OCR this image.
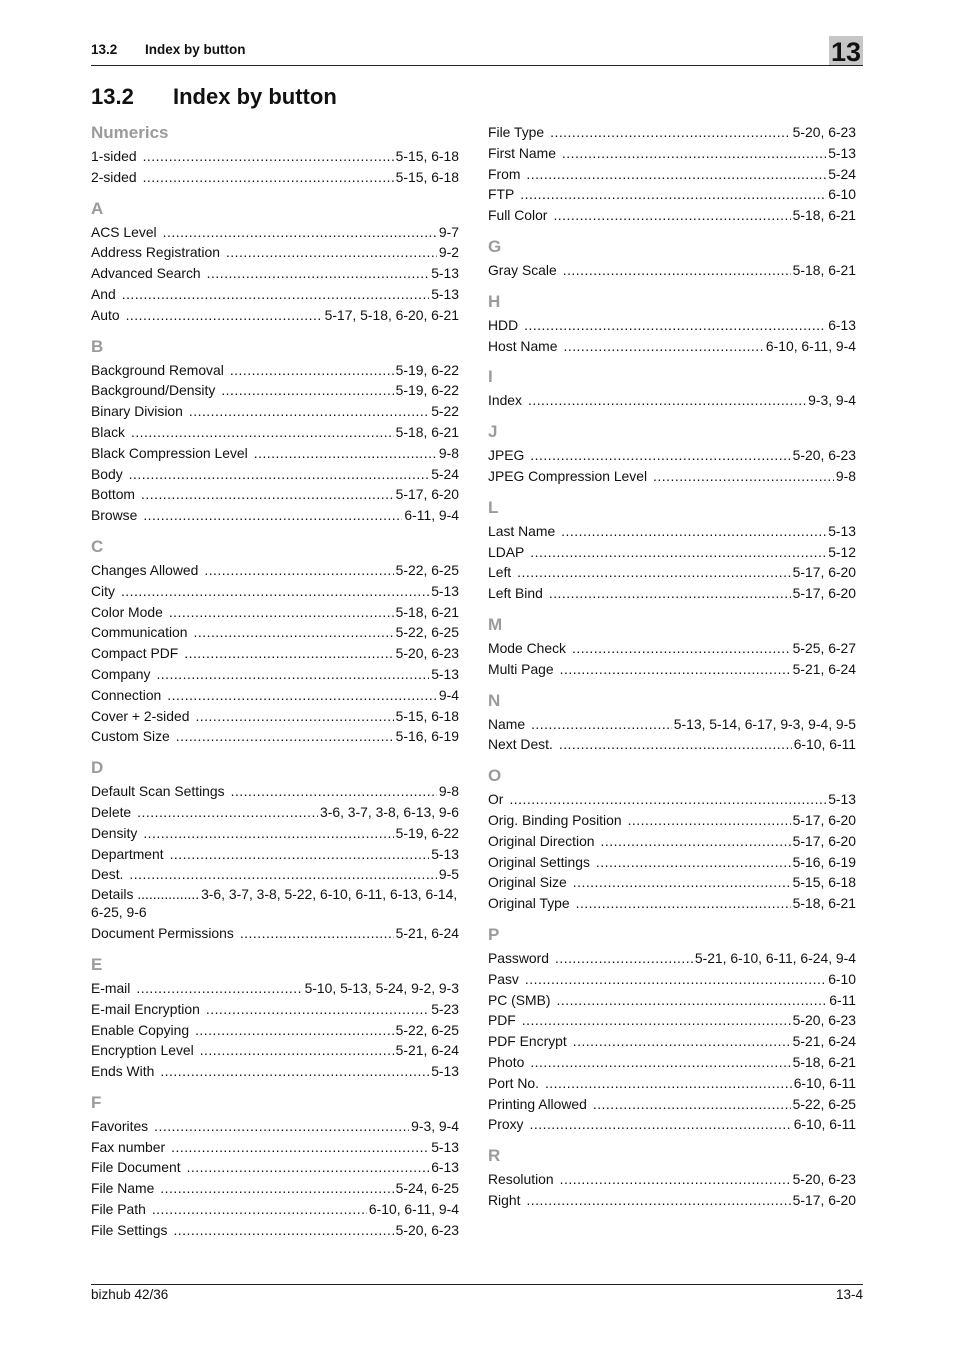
13.2 Index by button	13
13.2 Index by button
Numerics
1-sided .....	5-15, 6-18
2-sided .....	5-15, 6-18
A
ACS Level .....	9-7
Address Registration .....	9-2
Advanced Search .....	5-13
And .....	5-13
Auto .....	5-17, 5-18, 6-20, 6-21
B
Background Removal .....	5-19, 6-22
Background/Density .....	5-19, 6-22
Binary Division .....	5-22
Black .....	5-18, 6-21
Black Compression Level .....	9-8
Body .....	5-24
Bottom .....	5-17, 6-20
Browse .....	6-11, 9-4
C
Changes Allowed .....	5-22, 6-25
City .....	5-13
Color Mode .....	5-18, 6-21
Communication .....	5-22, 6-25
Compact PDF .....	5-20, 6-23
Company .....	5-13
Connection .....	9-4
Cover + 2-sided .....	5-15, 6-18
Custom Size .....	5-16, 6-19
D
Default Scan Settings .....	9-8
Delete .....	3-6, 3-7, 3-8, 6-13, 9-6
Density .....	5-19, 6-22
Department .....	5-13
Dest. .....	9-5
Details ................ 3-6, 3-7, 3-8, 5-22, 6-10, 6-11, 6-13, 6-14, 6-25, 9-6
Document Permissions .....	5-21, 6-24
E
E-mail .....	5-10, 5-13, 5-24, 9-2, 9-3
E-mail Encryption .....	5-23
Enable Copying .....	5-22, 6-25
Encryption Level .....	5-21, 6-24
Ends With .....	5-13
F
Favorites .....	9-3, 9-4
Fax number .....	5-13
File Document .....	6-13
File Name .....	5-24, 6-25
File Path .....	6-10, 6-11, 9-4
File Settings .....	5-20, 6-23
File Type .....	5-20, 6-23
First Name .....	5-13
From .....	5-24
FTP .....	6-10
Full Color .....	5-18, 6-21
G
Gray Scale .....	5-18, 6-21
H
HDD .....	6-13
Host Name .....	6-10, 6-11, 9-4
I
Index .....	9-3, 9-4
J
JPEG .....	5-20, 6-23
JPEG Compression Level .....	9-8
L
Last Name .....	5-13
LDAP .....	5-12
Left .....	5-17, 6-20
Left Bind .....	5-17, 6-20
M
Mode Check .....	5-25, 6-27
Multi Page .....	5-21, 6-24
N
Name .....	5-13, 5-14, 6-17, 9-3, 9-4, 9-5
Next Dest. .....	6-10, 6-11
O
Or .....	5-13
Orig. Binding Position .....	5-17, 6-20
Original Direction .....	5-17, 6-20
Original Settings .....	5-16, 6-19
Original Size .....	5-15, 6-18
Original Type .....	5-18, 6-21
P
Password .....	5-21, 6-10, 6-11, 6-24, 9-4
Pasv .....	6-10
PC (SMB) .....	6-11
PDF .....	5-20, 6-23
PDF Encrypt .....	5-21, 6-24
Photo .....	5-18, 6-21
Port No. .....	6-10, 6-11
Printing Allowed .....	5-22, 6-25
Proxy .....	6-10, 6-11
R
Resolution .....	5-20, 6-23
Right .....	5-17, 6-20
bizhub 42/36	13-4
